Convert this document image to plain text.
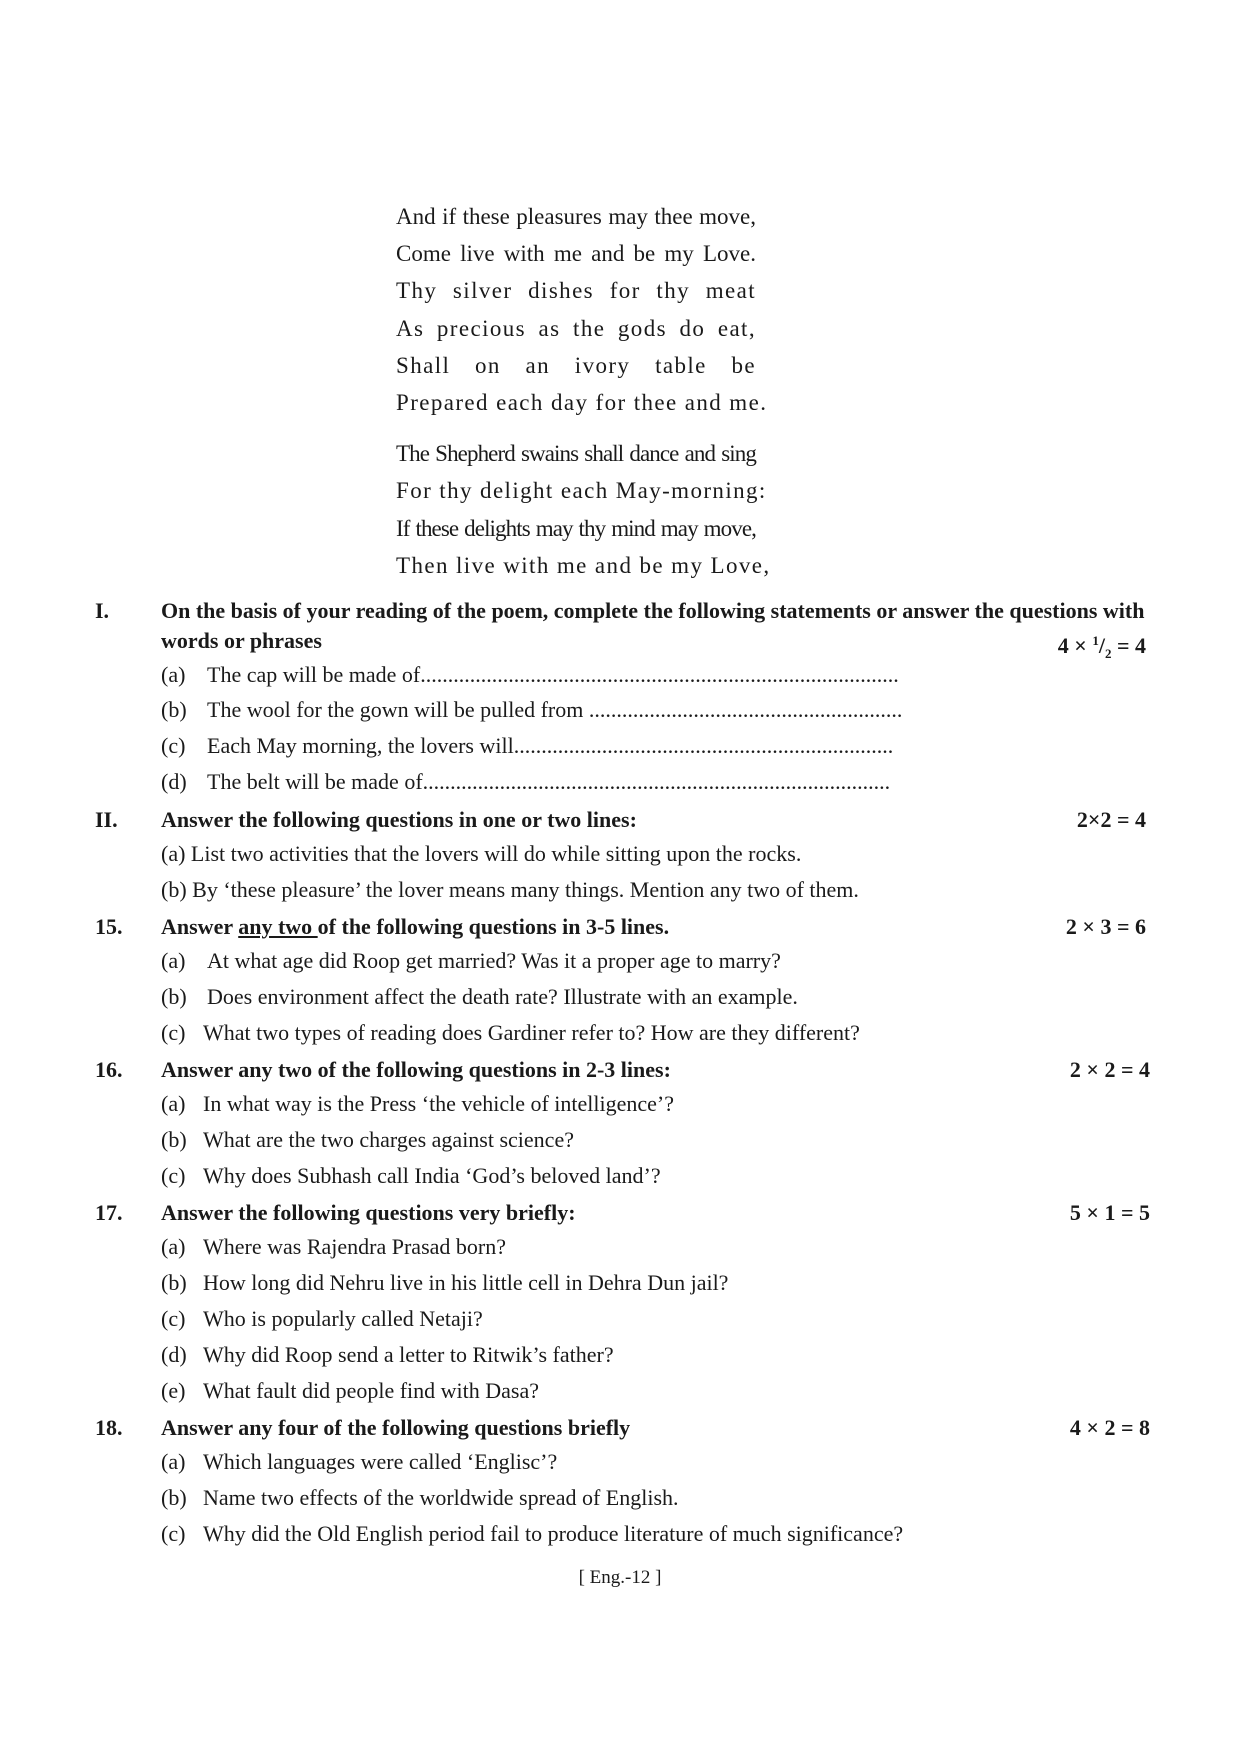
And if these pleasures may thee move,
Come live with me and be my Love.
Thy silver dishes for thy meat
As precious as the gods do eat,
Shall on an ivory table be
Prepared each day for thee and me.
The Shepherd swains shall dance and sing
For thy delight each May-morning:
If these delights may thy mind may move,
Then live with me and be my Love,
I. On the basis of your reading of the poem, complete the following statements or answer the questions with words or phrases	$4 \times ^1/_2 = 4$
(a) The cap will be made of.......................................................................................
(b) The wool for the gown will be pulled from .........................................................
(c) Each May morning, the lovers will.....................................................................
(d) The belt will be made of.....................................................................................
II. Answer the following questions in one or two lines:	2×2 = 4
(a) List two activities that the lovers will do while sitting upon the rocks.
(b) By ‘these pleasure’ the lover means many things. Mention any two of them.
15. Answer any two of the following questions in 3-5 lines.	2 × 3 = 6
(a) At what age did Roop get married? Was it a proper age to marry?
(b) Does environment affect the death rate? Illustrate with an example.
(c) What two types of reading does Gardiner refer to? How are they different?
16. Answer any two of the following questions in 2-3 lines:	2 × 2 = 4
(a) In what way is the Press ‘the vehicle of intelligence’?
(b) What are the two charges against science?
(c) Why does Subhash call India ‘God’s beloved land’?
17. Answer the following questions very briefly:	5 × 1 = 5
(a) Where was Rajendra Prasad born?
(b) How long did Nehru live in his little cell in Dehra Dun jail?
(c) Who is popularly called Netaji?
(d) Why did Roop send a letter to Ritwik’s father?
(e) What fault did people find with Dasa?
18. Answer any four of the following questions briefly	4 × 2 = 8
(a) Which languages were called ‘Englisc’?
(b) Name two effects of the worldwide spread of English.
(c) Why did the Old English period fail to produce literature of much significance?
[ Eng.-12 ]
